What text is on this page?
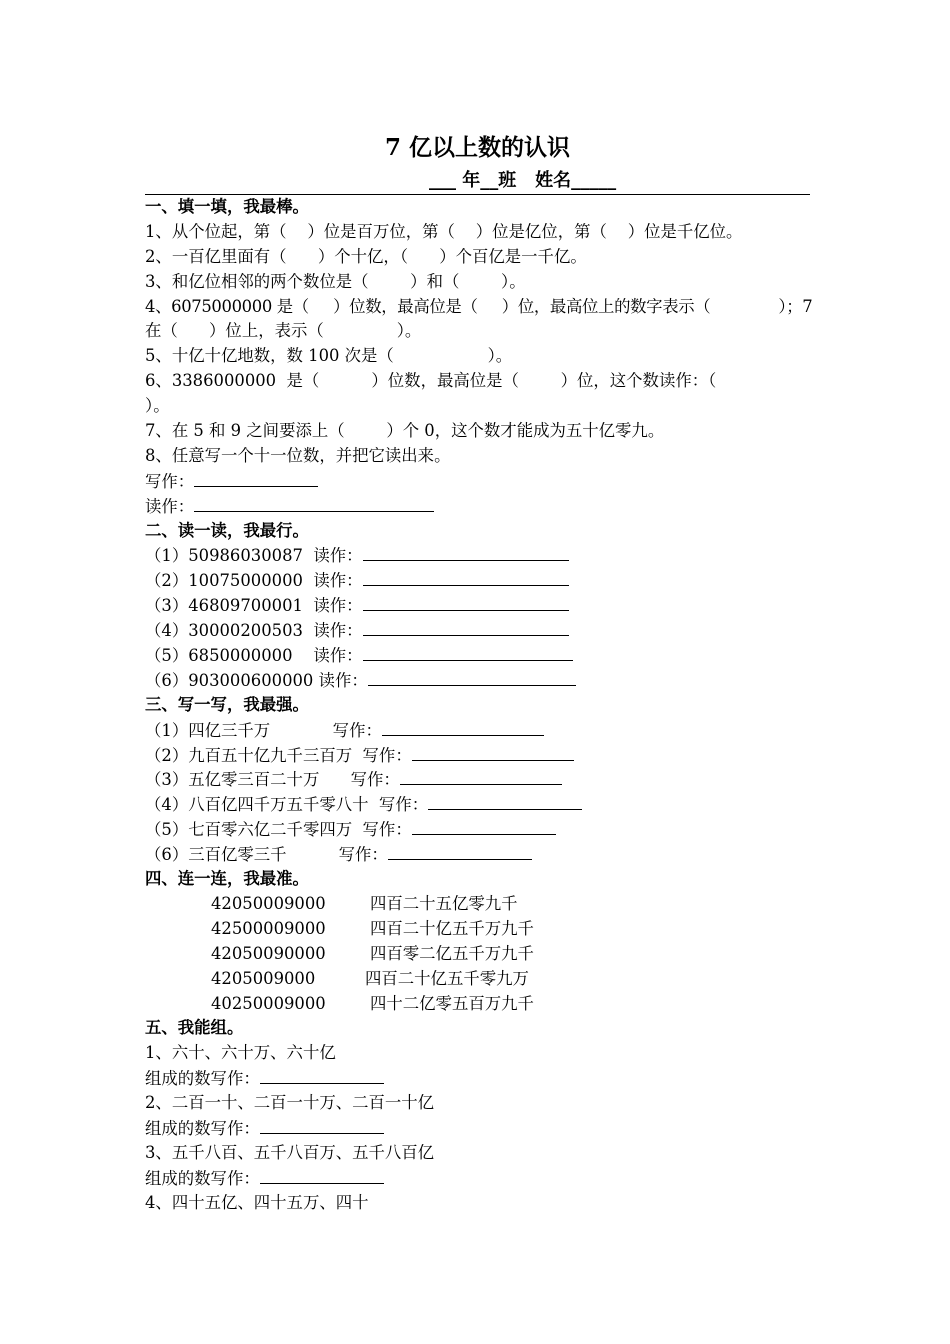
7 亿以上数的认识
___ 年__班   姓名_____
一、填一填，我最棒。
1、从个位起，第（    ）位是百万位，第（    ）位是亿位，第（    ）位是千亿位。
2、一百亿里面有（      ）个十亿，（      ）个百亿是一千亿。
3、和亿位相邻的两个数位是（        ）和（        ）。
4、6075000000 是（     ）位数，最高位是（     ）位，最高位上的数字表示（              ）；7
在（      ）位上，表示（              ）。
5、十亿十亿地数，数 100 次是（                  ）。
6、3386000000  是（          ）位数，最高位是（        ）位，这个数读作：（
）。
7、在 5 和 9 之间要添上（        ）个 0，这个数才能成为五十亿零九。
8、任意写一个十一位数，并把它读出来。
写作：
读作：
二、读一读，我最行。
（1）50986030087  读作：
（2）10075000000  读作：
（3）46809700001  读作：
（4）30000200503  读作：
（5）6850000000    读作：
（6）903000600000 读作：
三、写一写，我最强。
（1）四亿三千万            写作：
（2）九百五十亿九千三百万  写作：
（3）五亿零三百二十万      写作：
（4）八百亿四千万五千零八十  写作：
（5）七百零六亿二千零四万  写作：
（6）三百亿零三千          写作：
四、连一连，我最准。
42050009000	四百二十五亿零九千
42500009000	四百二十亿五千万九千
42050090000	四百零二亿五千万九千
4205009000	四百二十亿五千零九万
40250009000	四十二亿零五百万九千
五、我能组。
1、六十、六十万、六十亿
组成的数写作：
2、二百一十、二百一十万、二百一十亿
组成的数写作：
3、五千八百、五千八百万、五千八百亿
组成的数写作：
4、四十五亿、四十五万、四十
